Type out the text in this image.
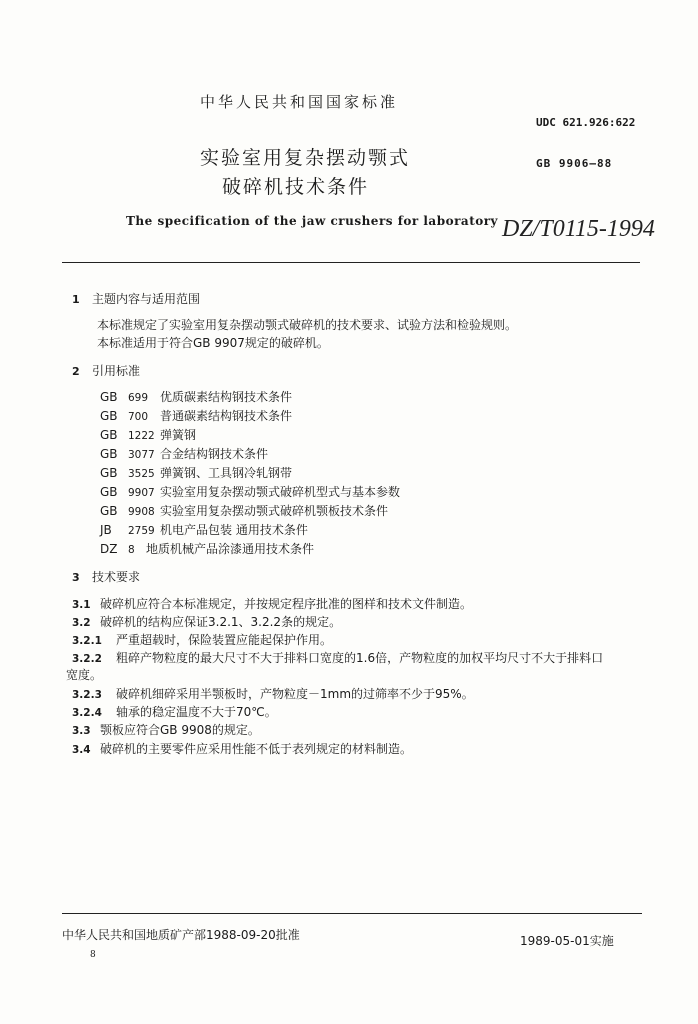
中华人民共和国国家标准
UDC 621.926:622
实验室用复杂摆动颚式
破碎机技术条件
GB 9906—88
The specification of the jaw crushers for laboratory DZ/T0115-1994
1 主题内容与适用范围
本标准规定了实验室用复杂摆动颚式破碎机的技术要求、试验方法和检验规则。
本标准适用于符合GB 9907规定的破碎机。
2 引用标准
GB 699 优质碳素结构钢技术条件
GB 700 普通碳素结构钢技术条件
GB 1222 弹簧钢
GB 3077 合金结构钢技术条件
GB 3525 弹簧钢、工具钢冷轧钢带
GB 9907 实验室用复杂摆动颚式破碎机型式与基本参数
GB 9908 实验室用复杂摆动颚式破碎机颚板技术条件
JB 2759 机电产品包装 通用技术条件
DZ 8 地质机械产品涂漆通用技术条件
3 技术要求
3.1 破碎机应符合本标准规定，并按规定程序批准的图样和技术文件制造。
3.2 破碎机的结构应保证3.2.1、3.2.2条的规定。
3.2.1 严重超载时，保险装置应能起保护作用。
3.2.2 粗碎产物粒度的最大尺寸不大于排料口宽度的1.6倍，产物粒度的加权平均尺寸不大于排料口
宽度。
3.2.3 破碎机细碎采用半颚板时，产物粒度－1mm的过筛率不少于95%。
3.2.4 轴承的稳定温度不大于70℃。
3.3 颚板应符合GB 9908的规定。
3.4 破碎机的主要零件应采用性能不低于表列规定的材料制造。
中华人民共和国地质矿产部1988-09-20批准	1989-05-01实施
8
